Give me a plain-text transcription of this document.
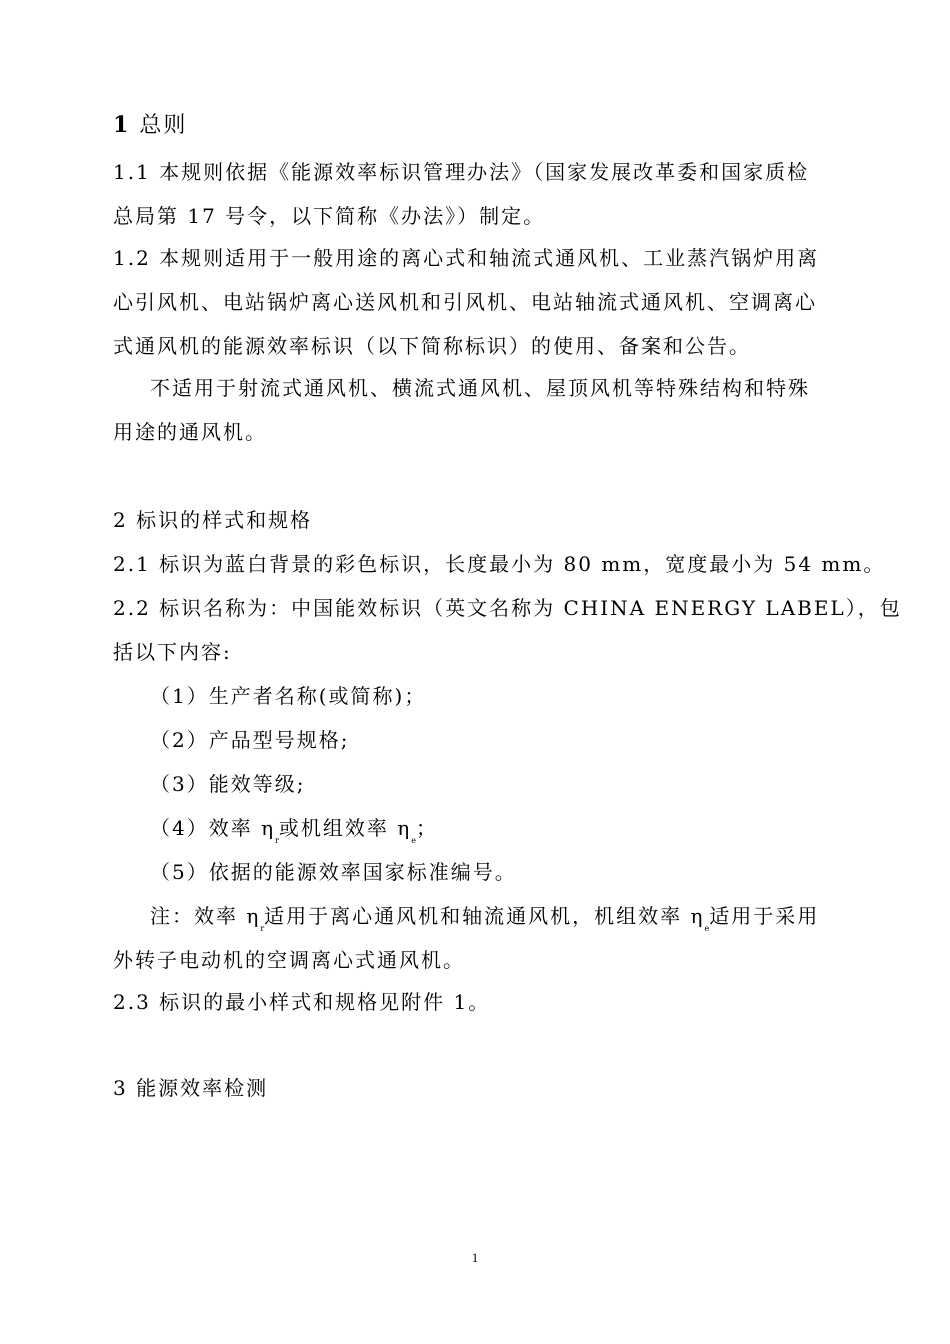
1 总则
1.1 本规则依据《能源效率标识管理办法》（国家发展改革委和国家质检
总局第 17 号令，以下简称《办法》）制定。
1.2 本规则适用于一般用途的离心式和轴流式通风机、工业蒸汽锅炉用离
心引风机、电站锅炉离心送风机和引风机、电站轴流式通风机、空调离心
式通风机的能源效率标识（以下简称标识）的使用、备案和公告。
不适用于射流式通风机、横流式通风机、屋顶风机等特殊结构和特殊
用途的通风机。
2 标识的样式和规格
2.1 标识为蓝白背景的彩色标识，长度最小为 80 mm，宽度最小为 54 mm。
2.2 标识名称为：中国能效标识（英文名称为 CHINA ENERGY LABEL），包
括以下内容:
（1）生产者名称(或简称)；
（2）产品型号规格;
（3）能效等级;
（4）效率 $\eta_r$或机组效率 $\eta_e$；
（5）依据的能源效率国家标准编号。
注：效率 $\eta_r$适用于离心通风机和轴流通风机，机组效率 $\eta_e$适用于采用
外转子电动机的空调离心式通风机。
2.3 标识的最小样式和规格见附件 1。
3 能源效率检测
1
